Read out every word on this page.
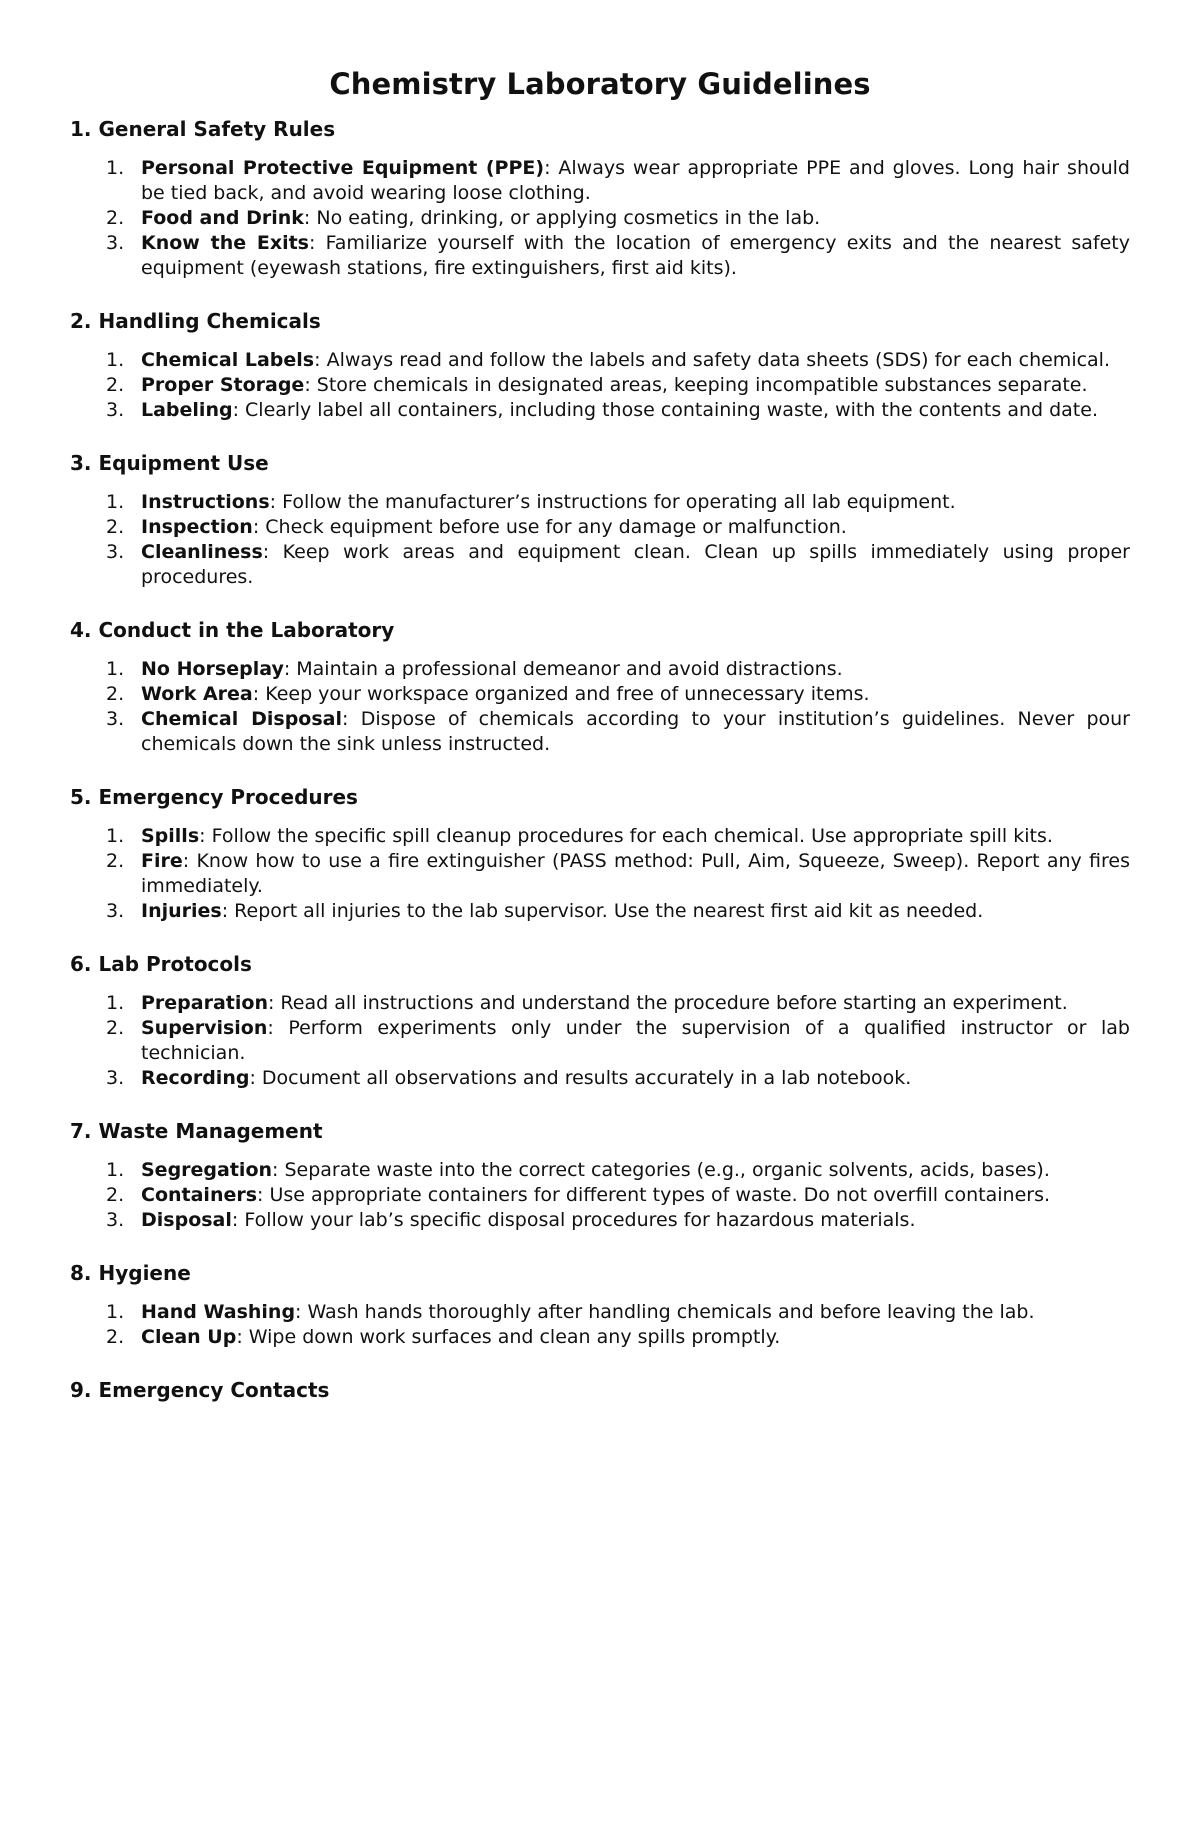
Chemistry Laboratory Guidelines
1. General Safety Rules
1. Personal Protective Equipment (PPE): Always wear appropriate PPE and gloves. Long hair should be tied back, and avoid wearing loose clothing.
2. Food and Drink: No eating, drinking, or applying cosmetics in the lab.
3. Know the Exits: Familiarize yourself with the location of emergency exits and the nearest safety equipment (eyewash stations, fire extinguishers, first aid kits).
2. Handling Chemicals
1. Chemical Labels: Always read and follow the labels and safety data sheets (SDS) for each chemical.
2. Proper Storage: Store chemicals in designated areas, keeping incompatible substances separate.
3. Labeling: Clearly label all containers, including those containing waste, with the contents and date.
3. Equipment Use
1. Instructions: Follow the manufacturer’s instructions for operating all lab equipment.
2. Inspection: Check equipment before use for any damage or malfunction.
3. Cleanliness: Keep work areas and equipment clean. Clean up spills immediately using proper procedures.
4. Conduct in the Laboratory
1. No Horseplay: Maintain a professional demeanor and avoid distractions.
2. Work Area: Keep your workspace organized and free of unnecessary items.
3. Chemical Disposal: Dispose of chemicals according to your institution’s guidelines. Never pour chemicals down the sink unless instructed.
5. Emergency Procedures
1. Spills: Follow the specific spill cleanup procedures for each chemical. Use appropriate spill kits.
2. Fire: Know how to use a fire extinguisher (PASS method: Pull, Aim, Squeeze, Sweep). Report any fires immediately.
3. Injuries: Report all injuries to the lab supervisor. Use the nearest first aid kit as needed.
6. Lab Protocols
1. Preparation: Read all instructions and understand the procedure before starting an experiment.
2. Supervision: Perform experiments only under the supervision of a qualified instructor or lab technician.
3. Recording: Document all observations and results accurately in a lab notebook.
7. Waste Management
1. Segregation: Separate waste into the correct categories (e.g., organic solvents, acids, bases).
2. Containers: Use appropriate containers for different types of waste. Do not overfill containers.
3. Disposal: Follow your lab’s specific disposal procedures for hazardous materials.
8. Hygiene
1. Hand Washing: Wash hands thoroughly after handling chemicals and before leaving the lab.
2. Clean Up: Wipe down work surfaces and clean any spills promptly.
9. Emergency Contacts
